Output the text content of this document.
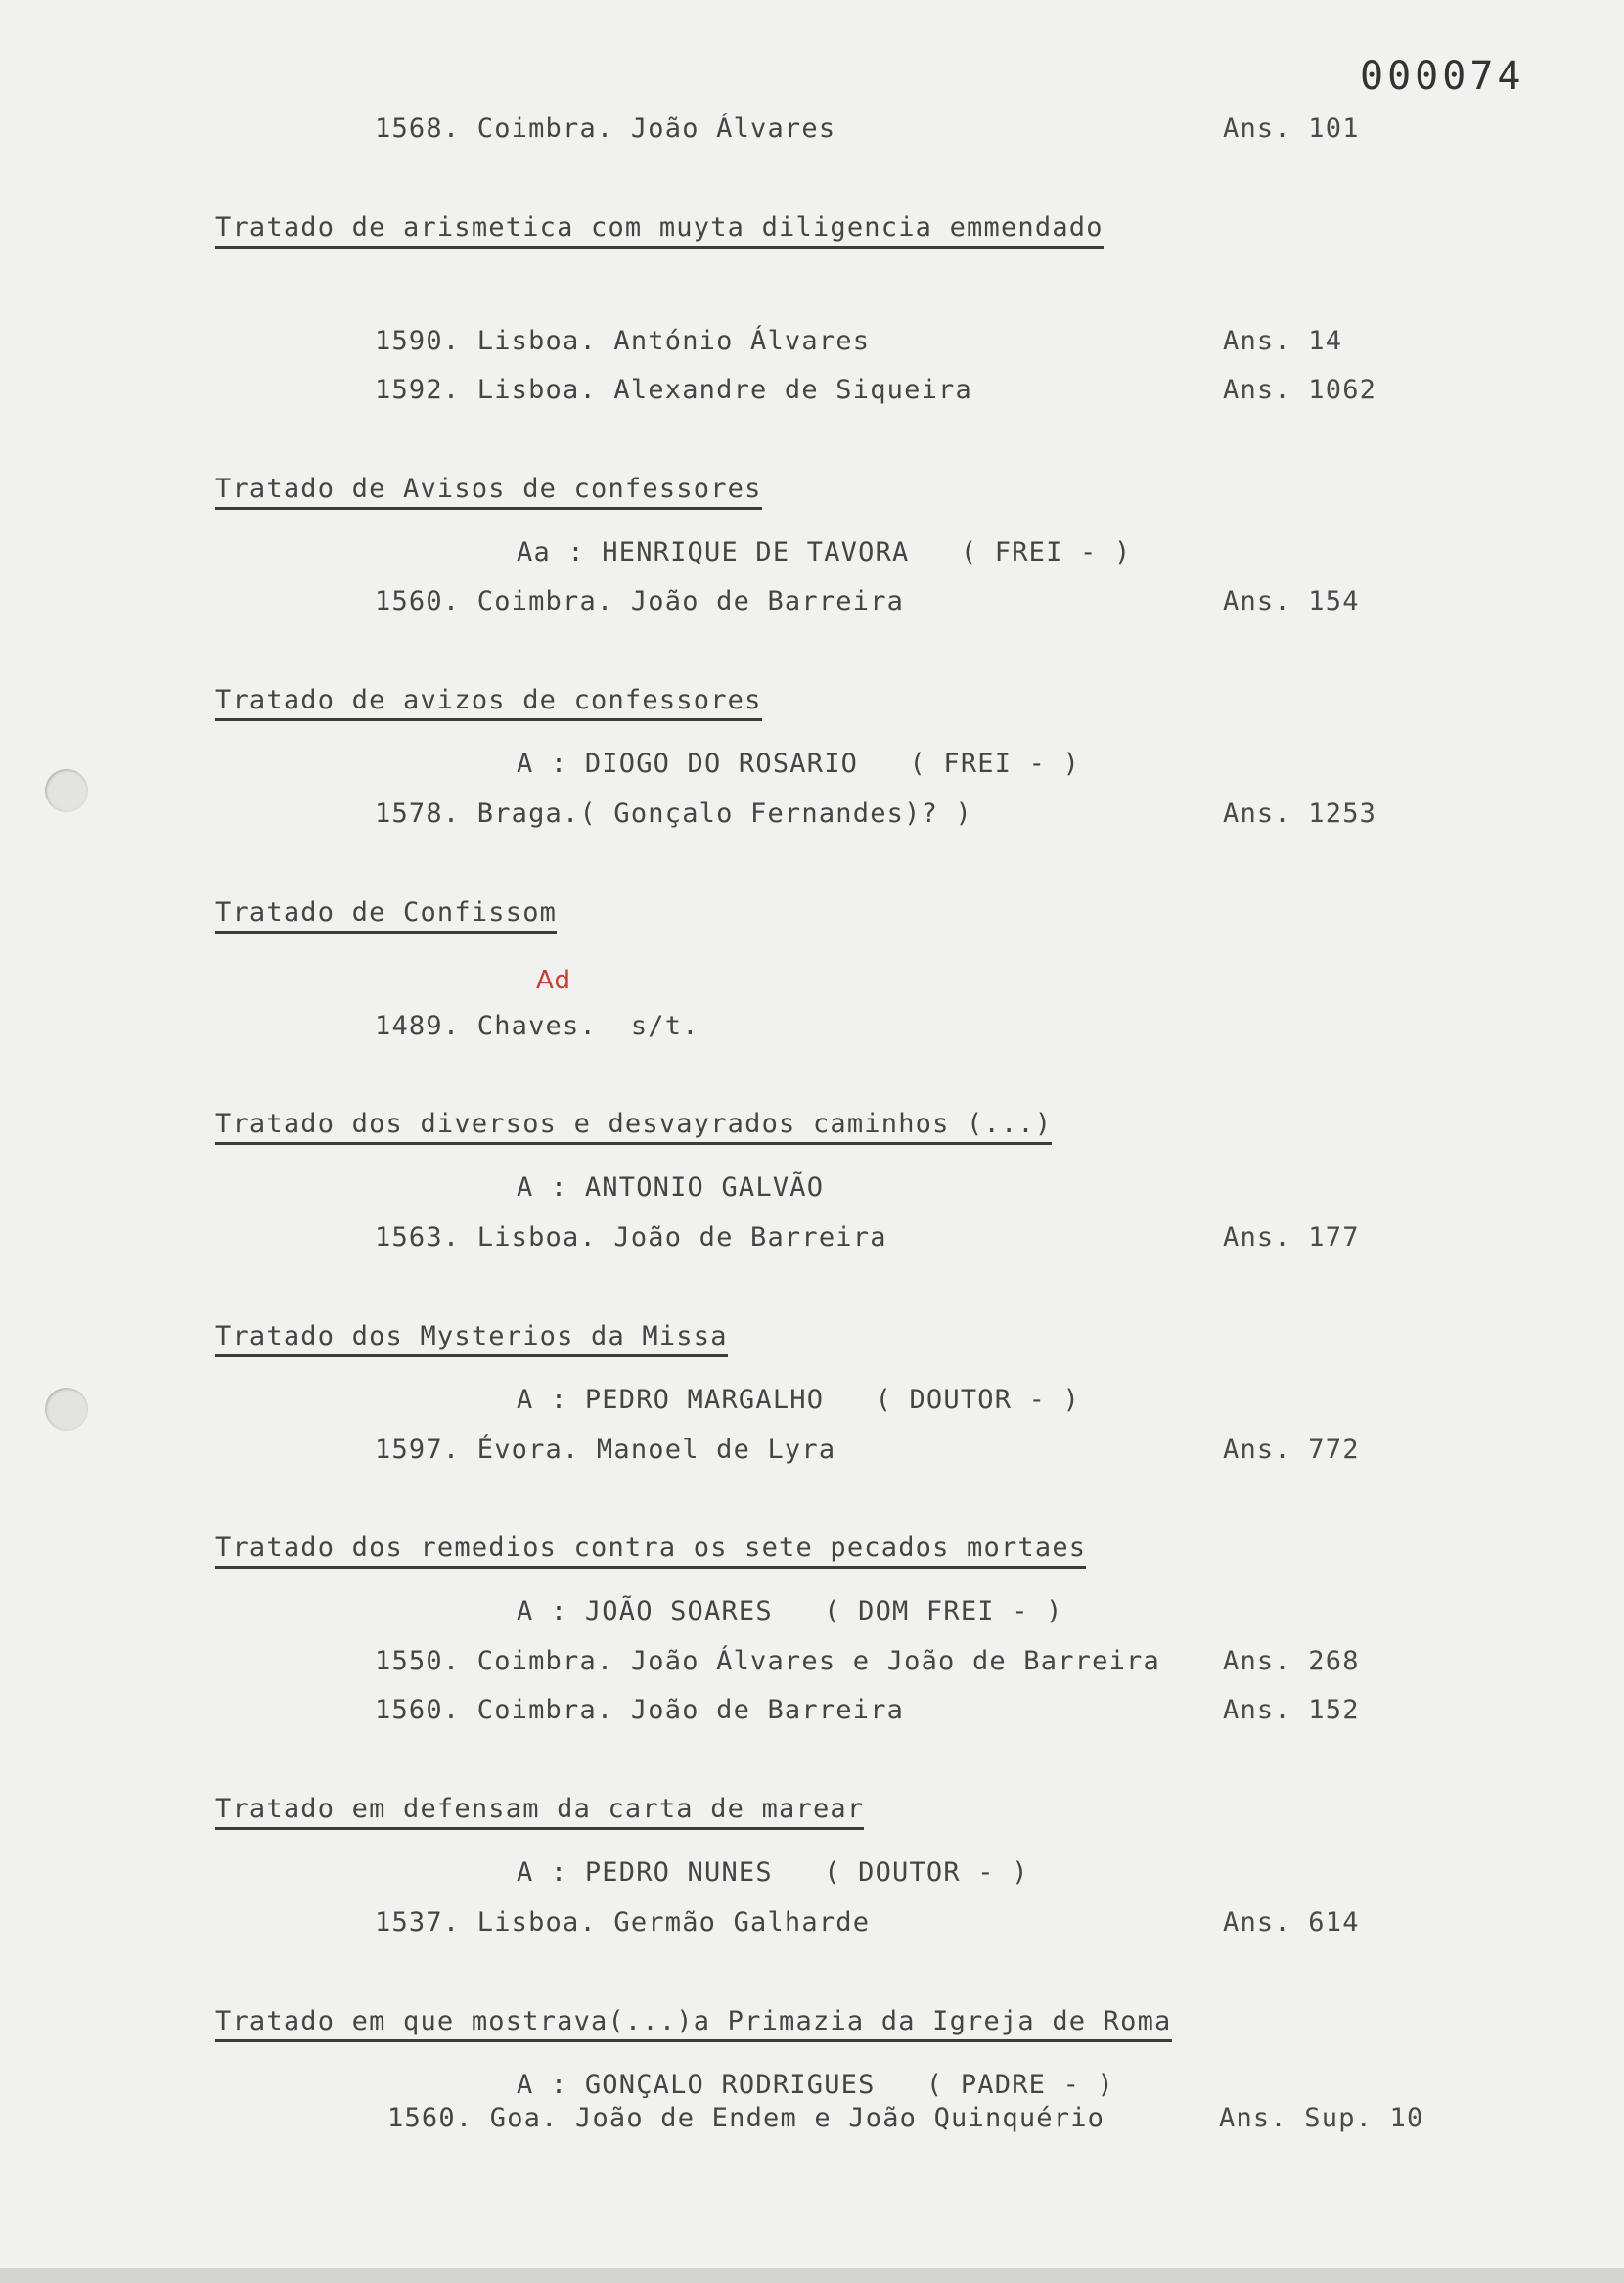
000074
1568. Coimbra. João Álvares	Ans. 101
Tratado de arismetica com muyta diligencia emmendado
1590. Lisboa. António Álvares	Ans. 14
1592. Lisboa. Alexandre de Siqueira	Ans. 1062
Tratado de Avisos de confessores
Aa : HENRIQUE DE TAVORA   ( FREI - )
1560. Coimbra. João de Barreira	Ans. 154
Tratado de avizos de confessores
A : DIOGO DO ROSARIO   ( FREI - )
1578. Braga.( Gonçalo Fernandes)? )	Ans. 1253
Tratado de Confissom
Ad
1489. Chaves.  s/t.
Tratado dos diversos e desvayrados caminhos (...)
A : ANTONIO GALVÃO
1563. Lisboa. João de Barreira	Ans. 177
Tratado dos Mysterios da Missa
A : PEDRO MARGALHO   ( DOUTOR - )
1597. Évora. Manoel de Lyra	Ans. 772
Tratado dos remedios contra os sete pecados mortaes
A : JOÃO SOARES   ( DOM FREI - )
1550. Coimbra. João Álvares e João de Barreira Ans. 268
1560. Coimbra. João de Barreira	Ans. 152
Tratado em defensam da carta de marear
A : PEDRO NUNES   ( DOUTOR - )
1537. Lisboa. Germão Galharde	Ans. 614
Tratado em que mostrava(...)a Primazia da Igreja de Roma
A : GONÇALO RODRIGUES   ( PADRE - )
1560. Goa. João de Endem e João Quinquério	Ans. Sup. 10
